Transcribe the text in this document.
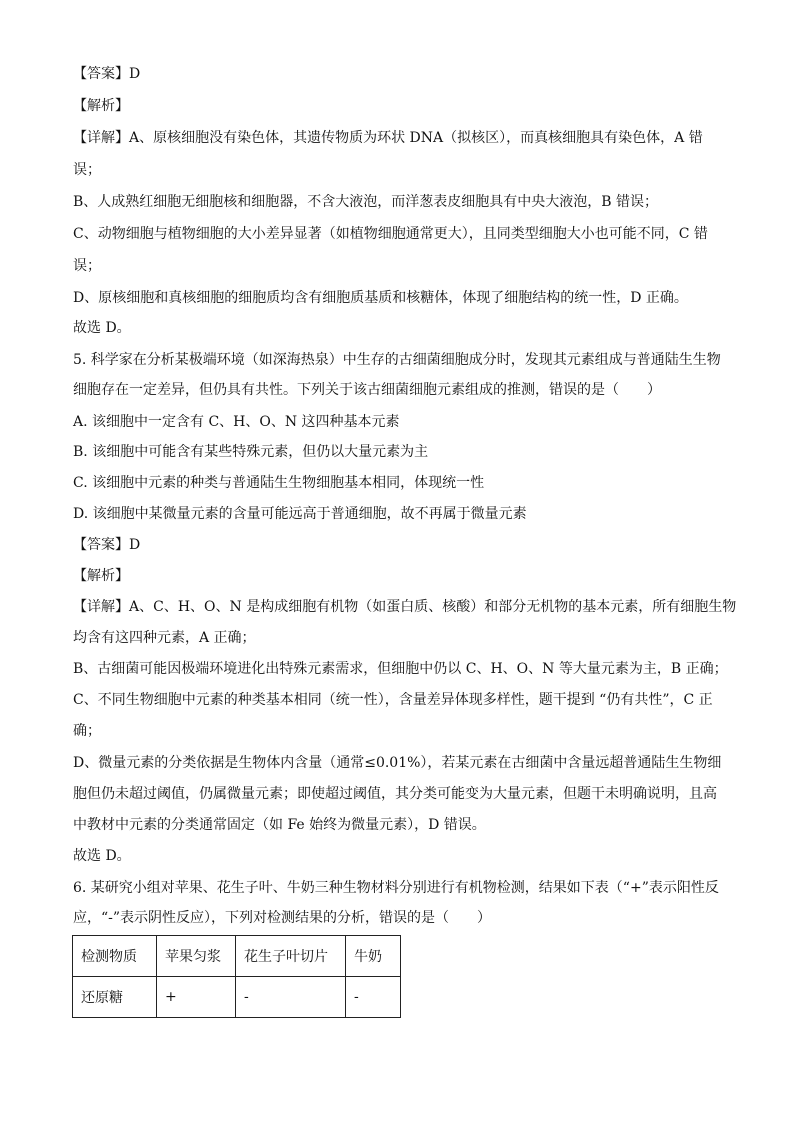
【答案】D
【解析】
【详解】A、原核细胞没有染色体，其遗传物质为环状 DNA（拟核区），而真核细胞具有染色体，A 错
误；
B、人成熟红细胞无细胞核和细胞器，不含大液泡，而洋葱表皮细胞具有中央大液泡，B 错误；
C、动物细胞与植物细胞的大小差异显著（如植物细胞通常更大），且同类型细胞大小也可能不同，C 错
误；
D、原核细胞和真核细胞的细胞质均含有细胞质基质和核糖体，体现了细胞结构的统一性，D 正确。
故选 D。
5. 科学家在分析某极端环境（如深海热泉）中生存的古细菌细胞成分时，发现其元素组成与普通陆生生物
细胞存在一定差异，但仍具有共性。下列关于该古细菌细胞元素组成的推测，错误的是（　　）
A. 该细胞中一定含有 C、H、O、N 这四种基本元素
B. 该细胞中可能含有某些特殊元素，但仍以大量元素为主
C. 该细胞中元素的种类与普通陆生生物细胞基本相同，体现统一性
D. 该细胞中某微量元素的含量可能远高于普通细胞，故不再属于微量元素
【答案】D
【解析】
【详解】A、C、H、O、N 是构成细胞有机物（如蛋白质、核酸）和部分无机物的基本元素，所有细胞生物
均含有这四种元素，A 正确；
B、古细菌可能因极端环境进化出特殊元素需求，但细胞中仍以 C、H、O、N 等大量元素为主，B 正确；
C、不同生物细胞中元素的种类基本相同（统一性），含量差异体现多样性，题干提到 “仍有共性”，C 正
确；
D、微量元素的分类依据是生物体内含量（通常≤0.01%），若某元素在古细菌中含量远超普通陆生生物细
胞但仍未超过阈值，仍属微量元素；即使超过阈值，其分类可能变为大量元素，但题干未明确说明，且高
中教材中元素的分类通常固定（如 Fe 始终为微量元素），D 错误。
故选 D。
6. 某研究小组对苹果、花生子叶、牛奶三种生物材料分别进行有机物检测，结果如下表（“+”表示阳性反
应，“-”表示阴性反应），下列对检测结果的分析，错误的是（　　）
检测物质	苹果匀浆	花生子叶切片	牛奶
还原糖	+	-	-
